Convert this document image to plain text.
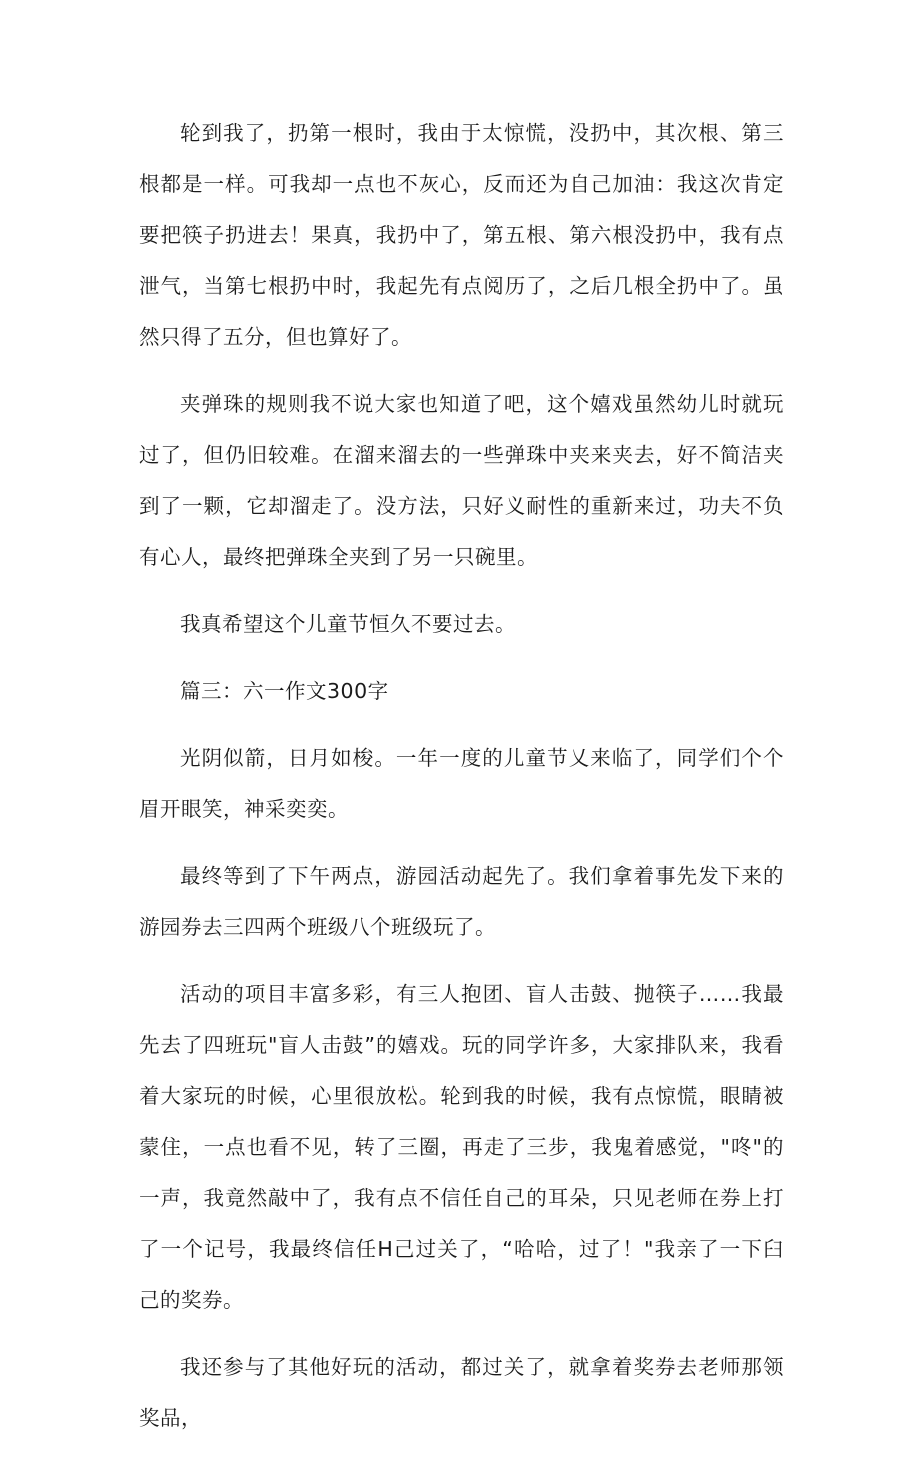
轮到我了，扔第一根时，我由于太惊慌，没扔中，其次根、第三根都是一样。可我却一点也不灰心，反而还为自己加油：我这次肯定要把筷子扔进去！果真，我扔中了，第五根、第六根没扔中，我有点泄气，当第七根扔中时，我起先有点阅历了，之后几根全扔中了。虽然只得了五分，但也算好了。

夹弹珠的规则我不说大家也知道了吧，这个嬉戏虽然幼儿时就玩过了，但仍旧较难。在溜来溜去的一些弹珠中夹来夹去，好不简洁夹到了一颗，它却溜走了。没方法，只好义耐性的重新来过，功夫不负有心人，最终把弹珠全夹到了另一只碗里。

我真希望这个儿童节恒久不要过去。

篇三：六一作文300字

光阴似箭，日月如梭。一年一度的儿童节乂来临了，同学们个个眉开眼笑，神采奕奕。

最终等到了下午两点，游园活动起先了。我们拿着事先发下来的游园券去三四两个班级八个班级玩了。

活动的项目丰富多彩，有三人抱团、盲人击鼓、抛筷子……我最先去了四班玩"盲人击鼓”的嬉戏。玩的同学许多，大家排队来，我看着大家玩的时候，心里很放松。轮到我的时候，我有点惊慌，眼睛被蒙住，一点也看不见，转了三圈，再走了三步，我鬼着感觉，"咚"的一声，我竟然敲中了，我有点不信任自己的耳朵，只见老师在券上打了一个记号，我最终信任H己过关了，“哈哈，过了！"我亲了一下臼己的奖券。

我还参与了其他好玩的活动，都过关了，就拿着奖券去老师那领奖品，
